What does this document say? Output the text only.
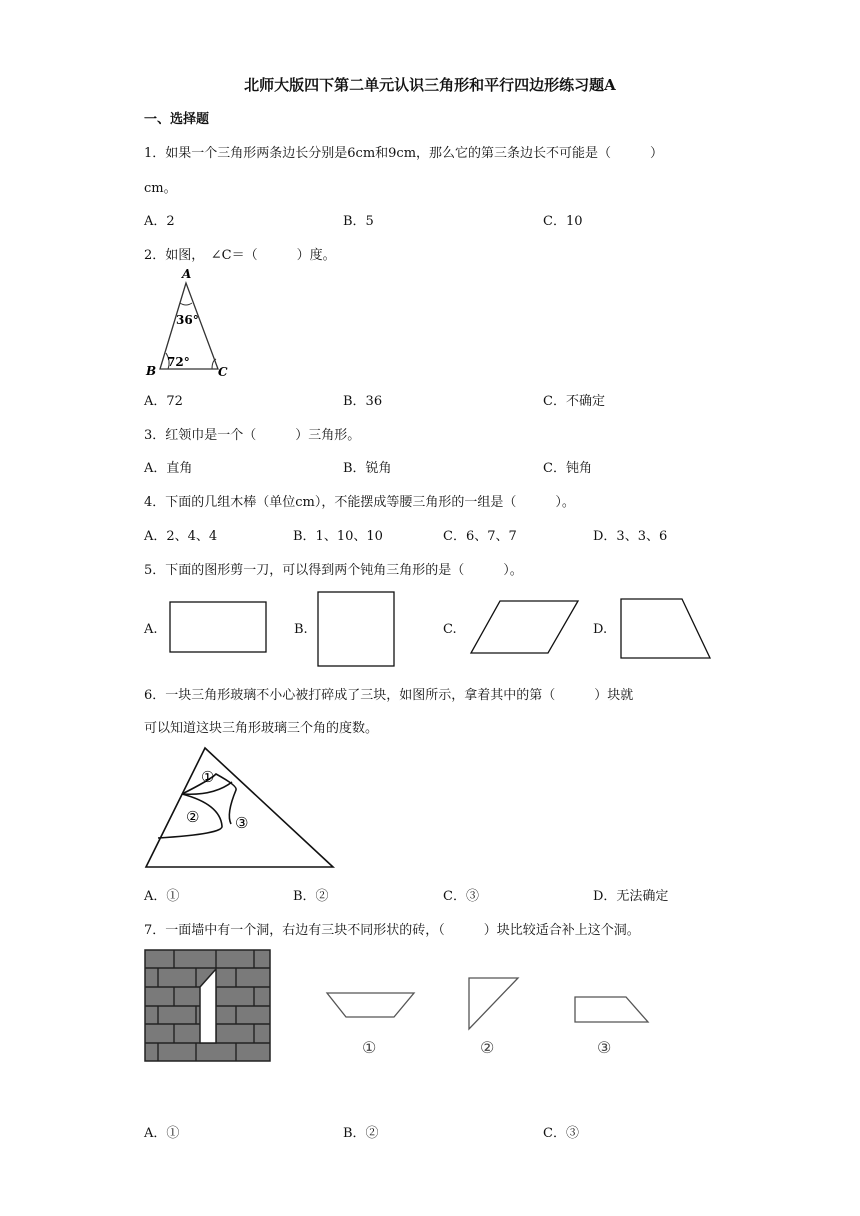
北师大版四下第二单元认识三角形和平行四边形练习题A
一、选择题
1．如果一个三角形两条边长分别是6cm和9cm，那么它的第三条边长不可能是（　　　）
cm。
A．2	B．5	C．10
2．如图，　∠C＝（　　　）度。
A
B	C
36°
72°
A．72	B．36	C．不确定
3．红领巾是一个（　　　）三角形。
A．直角	B．锐角	C．钝角
4．下面的几组木棒（单位cm），不能摆成等腰三角形的一组是（　　　）。
A．2、4、4	B．1、10、10	C．6、7、7	D．3、3、6
5．下面的图形剪一刀，可以得到两个钝角三角形的是（　　　）。
A.	B.	C.	D.
6．一块三角形玻璃不小心被打碎成了三块，如图所示，拿着其中的第（　　　）块就
可以知道这块三角形玻璃三个角的度数。
①
② ③
A．①	B．②	C．③	D．无法确定
7．一面墙中有一个洞，右边有三块不同形状的砖，（　　　）块比较适合补上这个洞。
①	②	③
A．①	B．②	C．③
